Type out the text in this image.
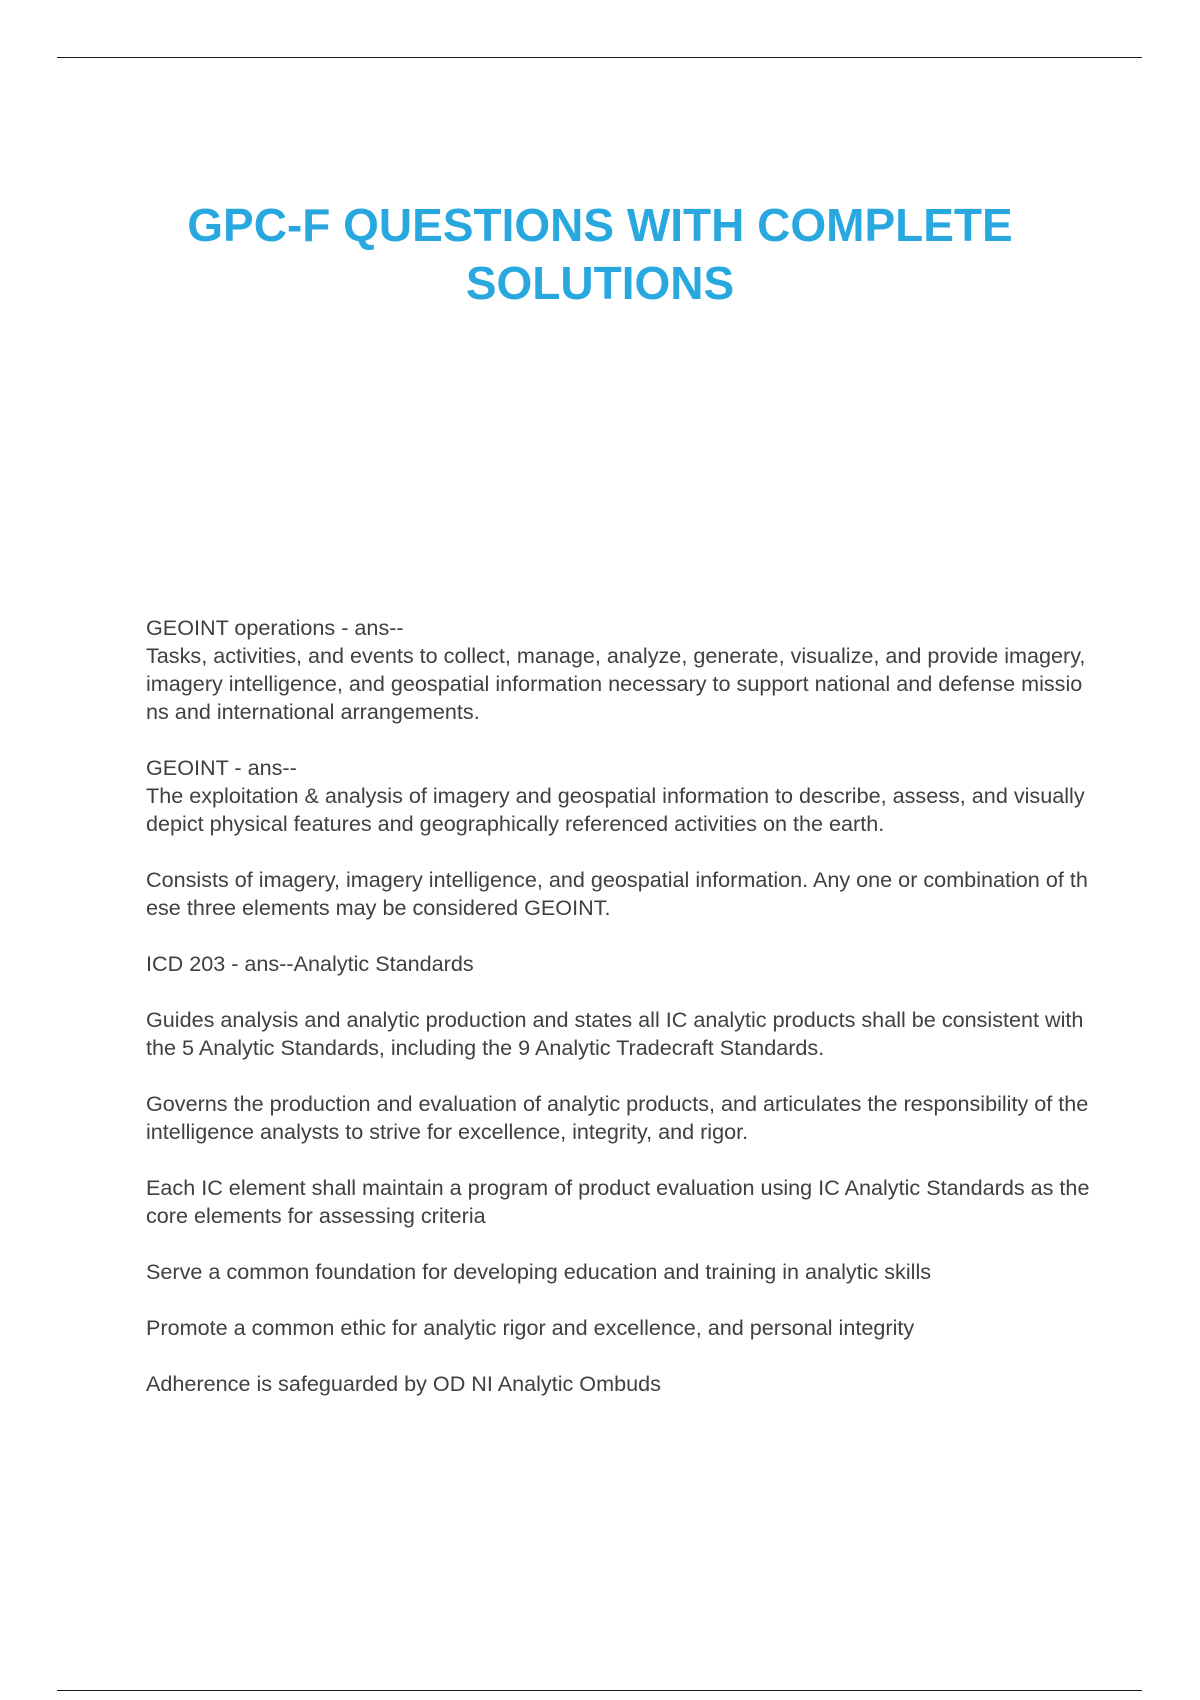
GPC-F QUESTIONS WITH COMPLETE
SOLUTIONS
GEOINT operations - ans--
Tasks, activities, and events to collect, manage, analyze, generate, visualize, and provide imagery, imagery intelligence, and geospatial information necessary to support national and defense missions and international arrangements.
GEOINT - ans--
The exploitation & analysis of imagery and geospatial information to describe, assess, and visually depict physical features and geographically referenced activities on the earth.
Consists of imagery, imagery intelligence, and geospatial information. Any one or combination of these three elements may be considered GEOINT.
ICD 203 - ans--Analytic Standards
Guides analysis and analytic production and states all IC analytic products shall be consistent with the 5 Analytic Standards, including the 9 Analytic Tradecraft Standards.
Governs the production and evaluation of analytic products, and articulates the responsibility of the intelligence analysts to strive for excellence, integrity, and rigor.
Each IC element shall maintain a program of product evaluation using IC Analytic Standards as the core elements for assessing criteria
Serve a common foundation for developing education and training in analytic skills
Promote a common ethic for analytic rigor and excellence, and personal integrity
Adherence is safeguarded by OD NI Analytic Ombuds
